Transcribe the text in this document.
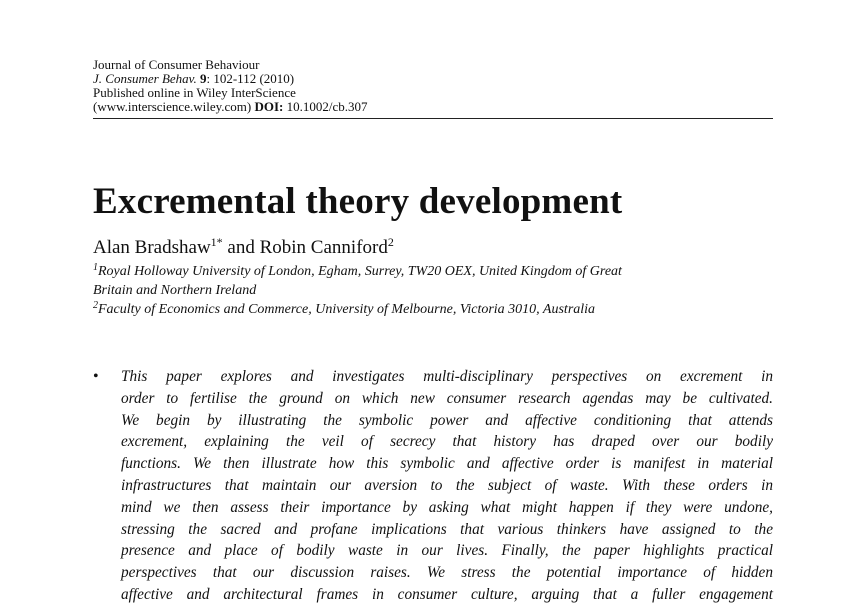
Journal of Consumer Behaviour
J. Consumer Behav. 9: 102-112 (2010)
Published online in Wiley InterScience
(www.interscience.wiley.com) DOI: 10.1002/cb.307
Excremental theory development
Alan Bradshaw$^{1*}$ and Robin Canniford$^2$
$^1$Royal Holloway University of London, Egham, Surrey, TW20 OEX, United Kingdom of Great
Britain and Northern Ireland
$^2$Faculty of Economics and Commerce, University of Melbourne, Victoria 3010, Australia
• This paper explores and investigates multi-disciplinary perspectives on excrement in
order to fertilise the ground on which new consumer research agendas may be cultivated.
We begin by illustrating the symbolic power and affective conditioning that attends
excrement, explaining the veil of secrecy that history has draped over our bodily
functions. We then illustrate how this symbolic and affective order is manifest in material
infrastructures that maintain our aversion to the subject of waste. With these orders in
mind we then assess their importance by asking what might happen if they were undone,
stressing the sacred and profane implications that various thinkers have assigned to the
presence and place of bodily waste in our lives. Finally, the paper highlights practical
perspectives that our discussion raises. We stress the potential importance of hidden
affective and architectural frames in consumer culture, arguing that a fuller engagement
